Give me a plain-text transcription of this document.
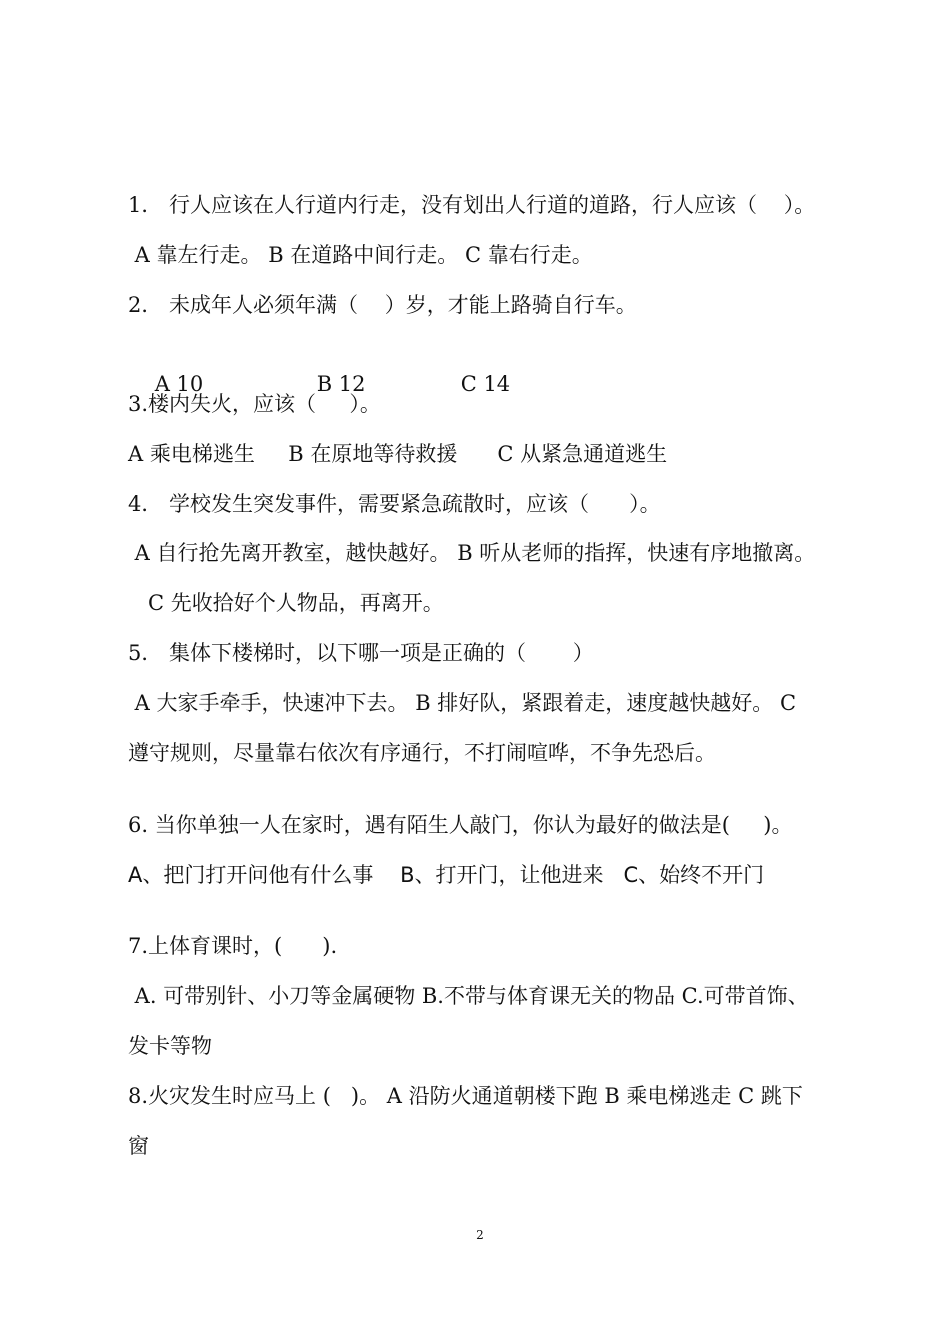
1． 行人应该在人行道内行走，没有划出人行道的道路，行人应该（    ）。
A 靠左行走。 B 在道路中间行走。 C 靠右行走。
2． 未成年人必须年满（    ）岁，才能上路骑自行车。

A 10	B 12	C 14

3.楼内失火，应该（     ）。
A 乘电梯逃生     B 在原地等待救援      C 从紧急通道逃生
4． 学校发生突发事件，需要紧急疏散时，应该（      ）。
A 自行抢先离开教室，越快越好。 B 听从老师的指挥，快速有序地撤离。
C 先收拾好个人物品，再离开。
5． 集体下楼梯时，以下哪一项是正确的（       ）
A 大家手牵手，快速冲下去。 B 排好队，紧跟着走，速度越快越好。 C
遵守规则，尽量靠右依次有序通行，不打闹喧哗，不争先恐后。
6. 当你单独一人在家时，遇有陌生人敲门，你认为最好的做法是(     )。
A、把门打开问他有什么事    B、打开门，让他进来   C、始终不开门
7.上体育课时，(      ).
A. 可带别针、小刀等金属硬物 B.不带与体育课无关的物品 C.可带首饰、
发卡等物
8.火灾发生时应马上 (   )。 A 沿防火通道朝楼下跑 B 乘电梯逃走 C 跳下
窗
2
